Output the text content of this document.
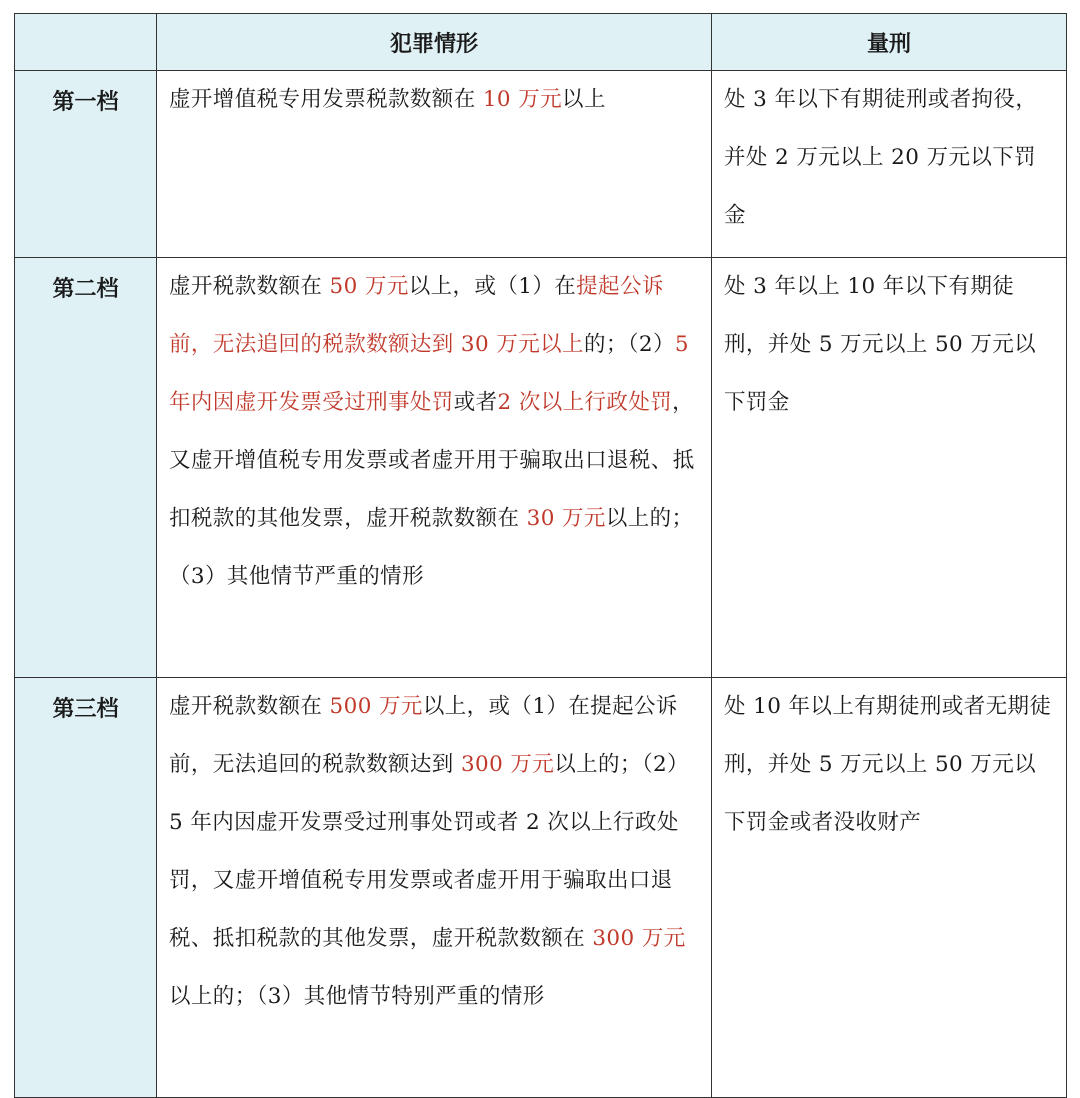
	犯罪情形	量刑
第一档	虚开增值税专用发票税款数额在 10 万元以上	处 3 年以下有期徒刑或者拘役，并处 2 万元以上 20 万元以下罚金

第二档	虚开税款数额在 50 万元以上，或（1）在提起公诉前，无法追回的税款数额达到 30 万元以上的；（2）5 年内因虚开发票受过刑事处罚或者2 次以上行政处罚，又虚开增值税专用发票或者虚开用于骗取出口退税、抵扣税款的其他发票，虚开税款数额在 30 万元以上的；（3）其他情节严重的情形	处 3 年以上 10 年以下有期徒刑，并处 5 万元以上 50 万元以下罚金

第三档	虚开税款数额在 500 万元以上，或（1）在提起公诉前，无法追回的税款数额达到 300 万元以上的；（2）5 年内因虚开发票受过刑事处罚或者 2 次以上行政处罚，又虚开增值税专用发票或者虚开用于骗取出口退税、抵扣税款的其他发票，虚开税款数额在 300 万元以上的；（3）其他情节特别严重的情形	处 10 年以上有期徒刑或者无期徒刑，并处 5 万元以上 50 万元以下罚金或者没收财产
